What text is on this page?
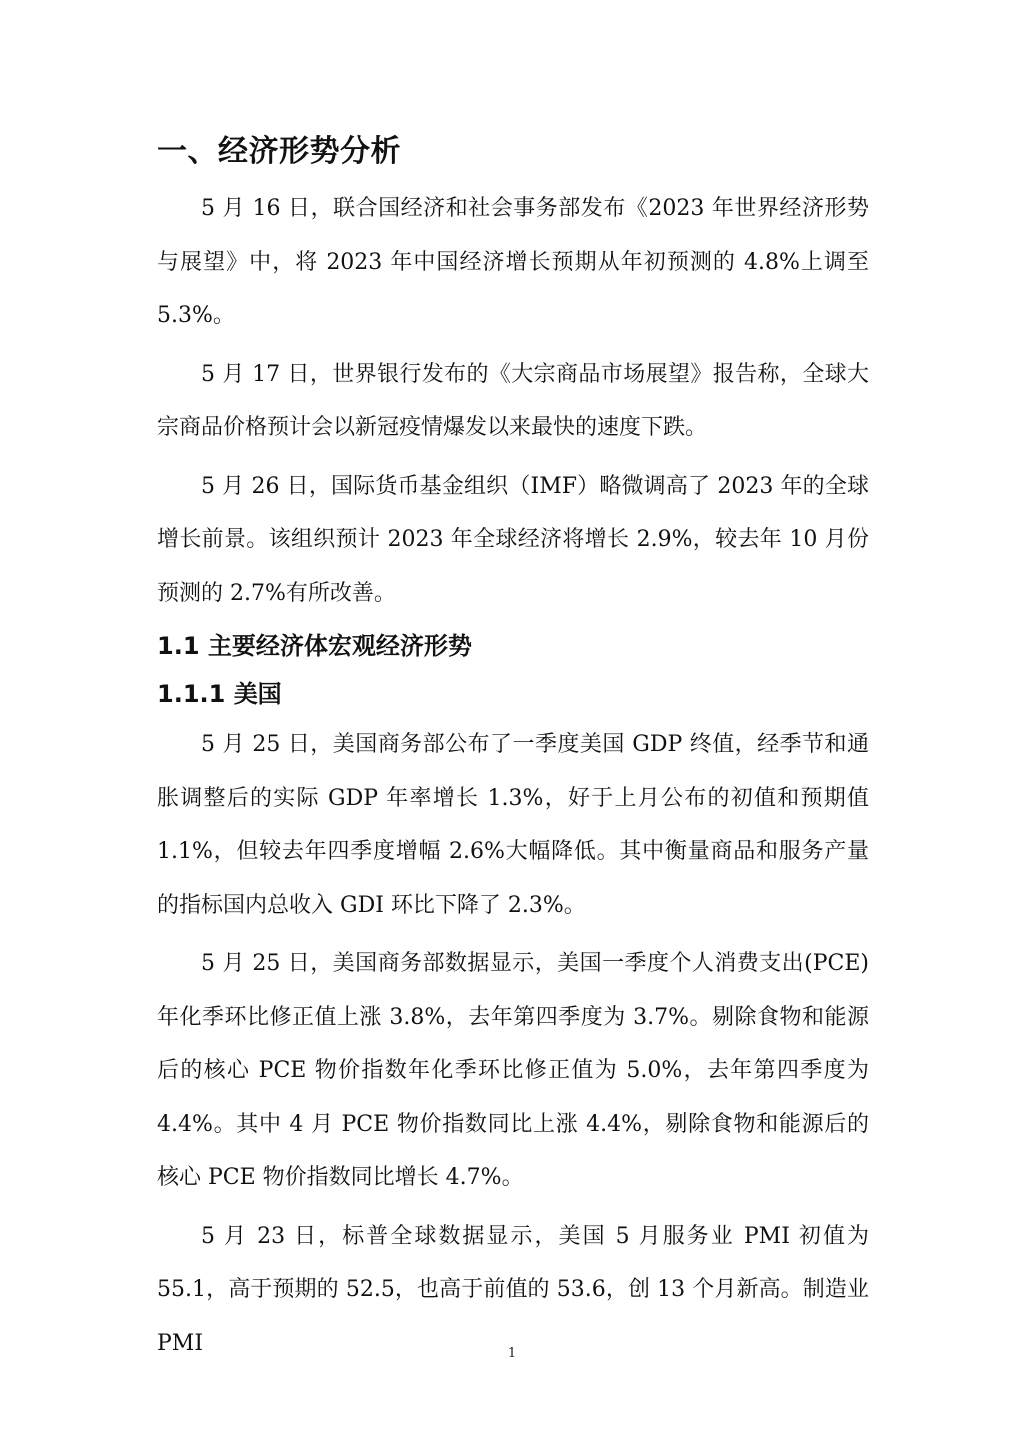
一、经济形势分析

5 月 16 日，联合国经济和社会事务部发布《2023 年世界经济形势与展望》中，将 2023 年中国经济增长预期从年初预测的 4.8%上调至 5.3%。

5 月 17 日，世界银行发布的《大宗商品市场展望》报告称，全球大宗商品价格预计会以新冠疫情爆发以来最快的速度下跌。

5 月 26 日，国际货币基金组织（IMF）略微调高了 2023 年的全球增长前景。该组织预计 2023 年全球经济将增长 2.9%，较去年 10 月份预测的 2.7%有所改善。

1.1 主要经济体宏观经济形势
1.1.1 美国

5 月 25 日，美国商务部公布了一季度美国 GDP 终值，经季节和通胀调整后的实际 GDP 年率增长 1.3%，好于上月公布的初值和预期值 1.1%，但较去年四季度增幅 2.6%大幅降低。其中衡量商品和服务产量的指标国内总收入 GDI 环比下降了 2.3%。

5 月 25 日，美国商务部数据显示，美国一季度个人消费支出(PCE)年化季环比修正值上涨 3.8%，去年第四季度为 3.7%。剔除食物和能源后的核心 PCE 物价指数年化季环比修正值为 5.0%，去年第四季度为 4.4%。其中 4 月 PCE 物价指数同比上涨 4.4%，剔除食物和能源后的核心 PCE 物价指数同比增长 4.7%。

5 月 23 日，标普全球数据显示，美国 5 月服务业 PMI 初值为 55.1，高于预期的 52.5，也高于前值的 53.6，创 13 个月新高。制造业 PMI	1
